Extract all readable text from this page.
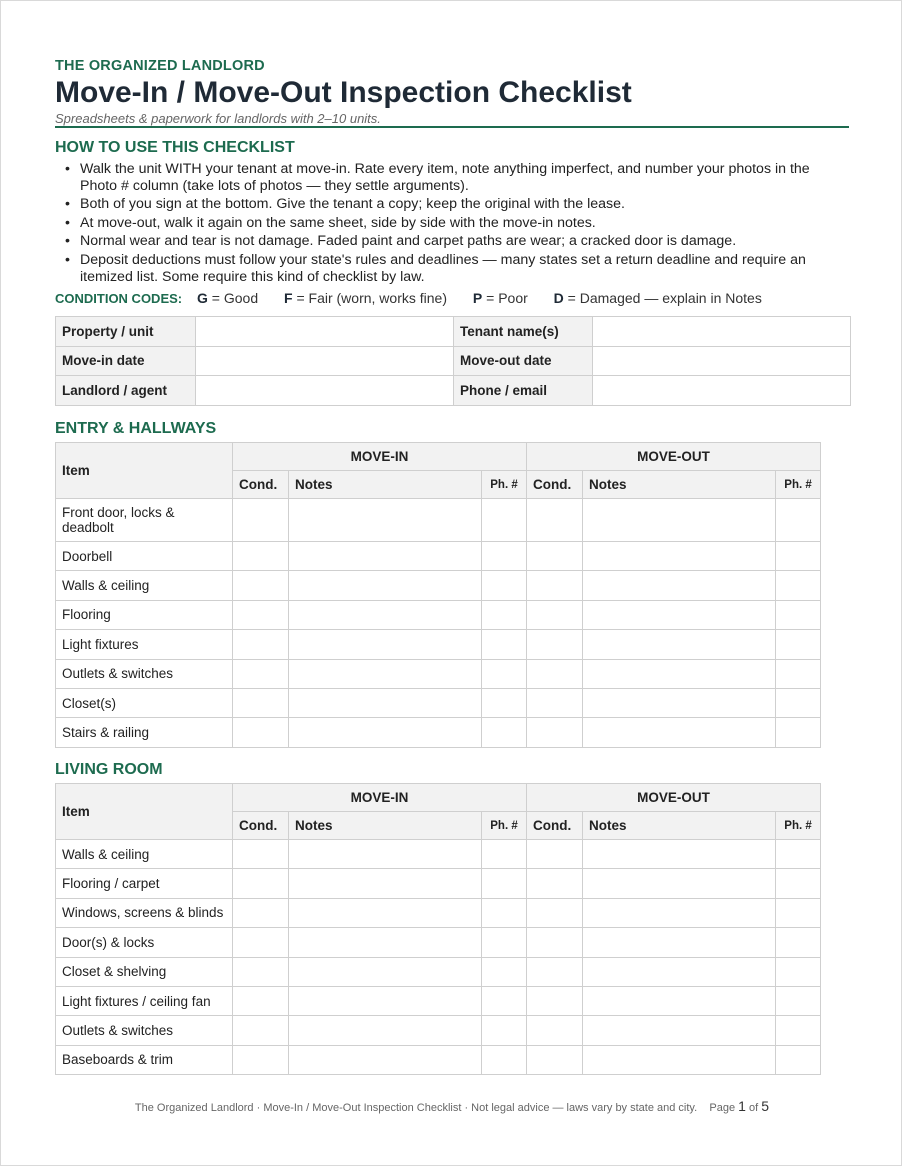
THE ORGANIZED LANDLORD
Move-In / Move-Out Inspection Checklist
Spreadsheets & paperwork for landlords with 2–10 units.
HOW TO USE THIS CHECKLIST
• Walk the unit WITH your tenant at move-in. Rate every item, note anything imperfect, and number your photos in the Photo # column (take lots of photos — they settle arguments).
• Both of you sign at the bottom. Give the tenant a copy; keep the original with the lease.
• At move-out, walk it again on the same sheet, side by side with the move-in notes.
• Normal wear and tear is not damage. Faded paint and carpet paths are wear; a cracked door is damage.
• Deposit deductions must follow your state's rules and deadlines — many states set a return deadline and require an itemized list. Some require this kind of checklist by law.
CONDITION CODES: G = Good F = Fair (worn, works fine) P = Poor D = Damaged — explain in Notes
Property / unit		Tenant name(s)	
Move-in date		Move-out date	
Landlord / agent		Phone / email	
ENTRY & HALLWAYS
Item	MOVE-IN			MOVE-OUT		
	Cond.	Notes	Ph. #	Cond.	Notes	Ph. #
Front door, locks & deadbolt						
Doorbell						
Walls & ceiling						
Flooring						
Light fixtures						
Outlets & switches						
Closet(s)						
Stairs & railing						
LIVING ROOM
Item	MOVE-IN			MOVE-OUT		
	Cond.	Notes	Ph. #	Cond.	Notes	Ph. #
Walls & ceiling						
Flooring / carpet						
Windows, screens & blinds						
Door(s) & locks						
Closet & shelving						
Light fixtures / ceiling fan						
Outlets & switches						
Baseboards & trim						
The Organized Landlord · Move-In / Move-Out Inspection Checklist · Not legal advice — laws vary by state and city. Page 1 of 5
